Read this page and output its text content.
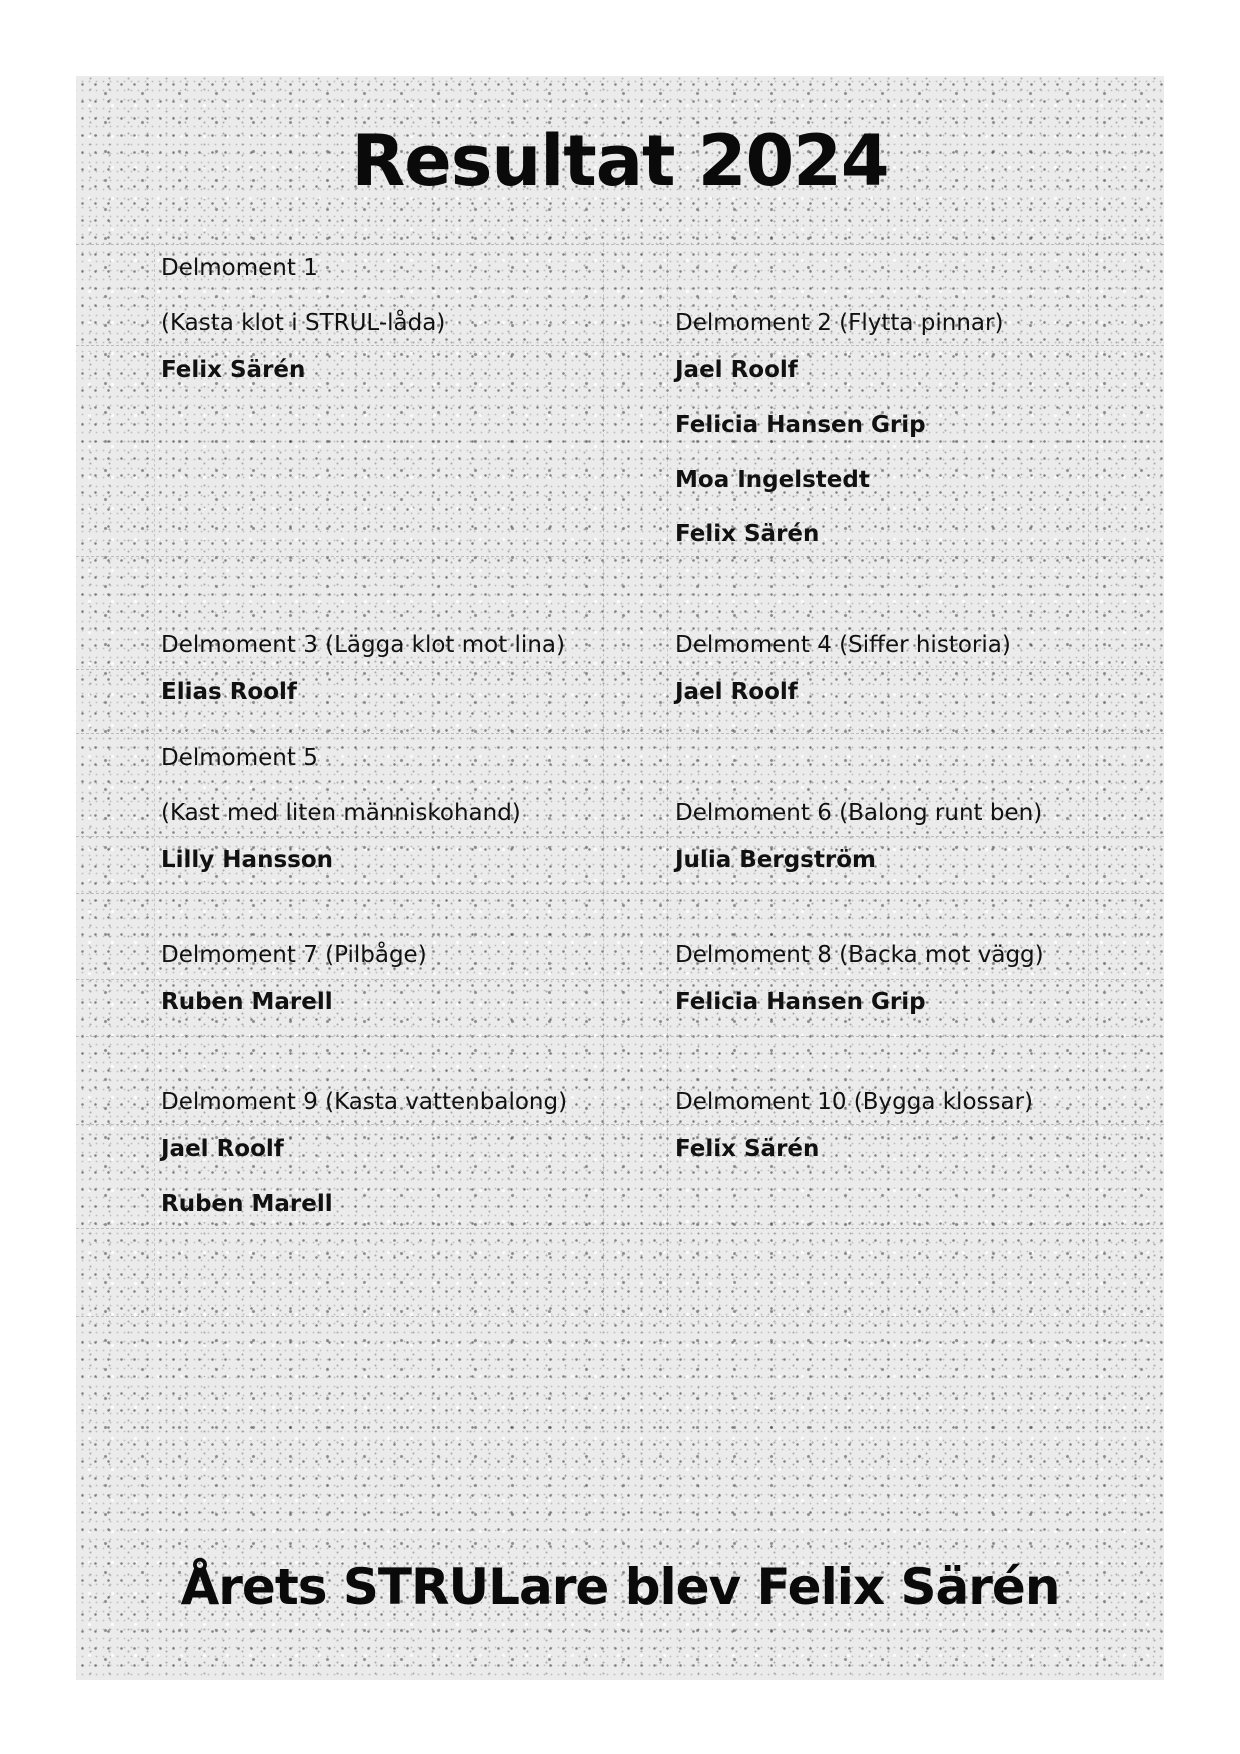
Resultat 2024
Delmoment 1
(Kasta klot i STRUL-låda)
Felix Särén
Delmoment 2 (Flytta pinnar)
Jael Roolf
Felicia Hansen Grip
Moa Ingelstedt
Felix Särén
Delmoment 3 (Lägga klot mot lina)
Elias Roolf
Delmoment 4 (Siffer historia)
Jael Roolf
Delmoment 5
(Kast med liten människohand)
Lilly Hansson
Delmoment 6 (Balong runt ben)
Julia Bergström
Delmoment 7 (Pilbåge)
Ruben Marell
Delmoment 8 (Backa mot vägg)
Felicia Hansen Grip
Delmoment 9 (Kasta vattenbalong)
Jael Roolf
Ruben Marell
Delmoment 10 (Bygga klossar)
Felix Särén
Årets STRULare blev Felix Särén
